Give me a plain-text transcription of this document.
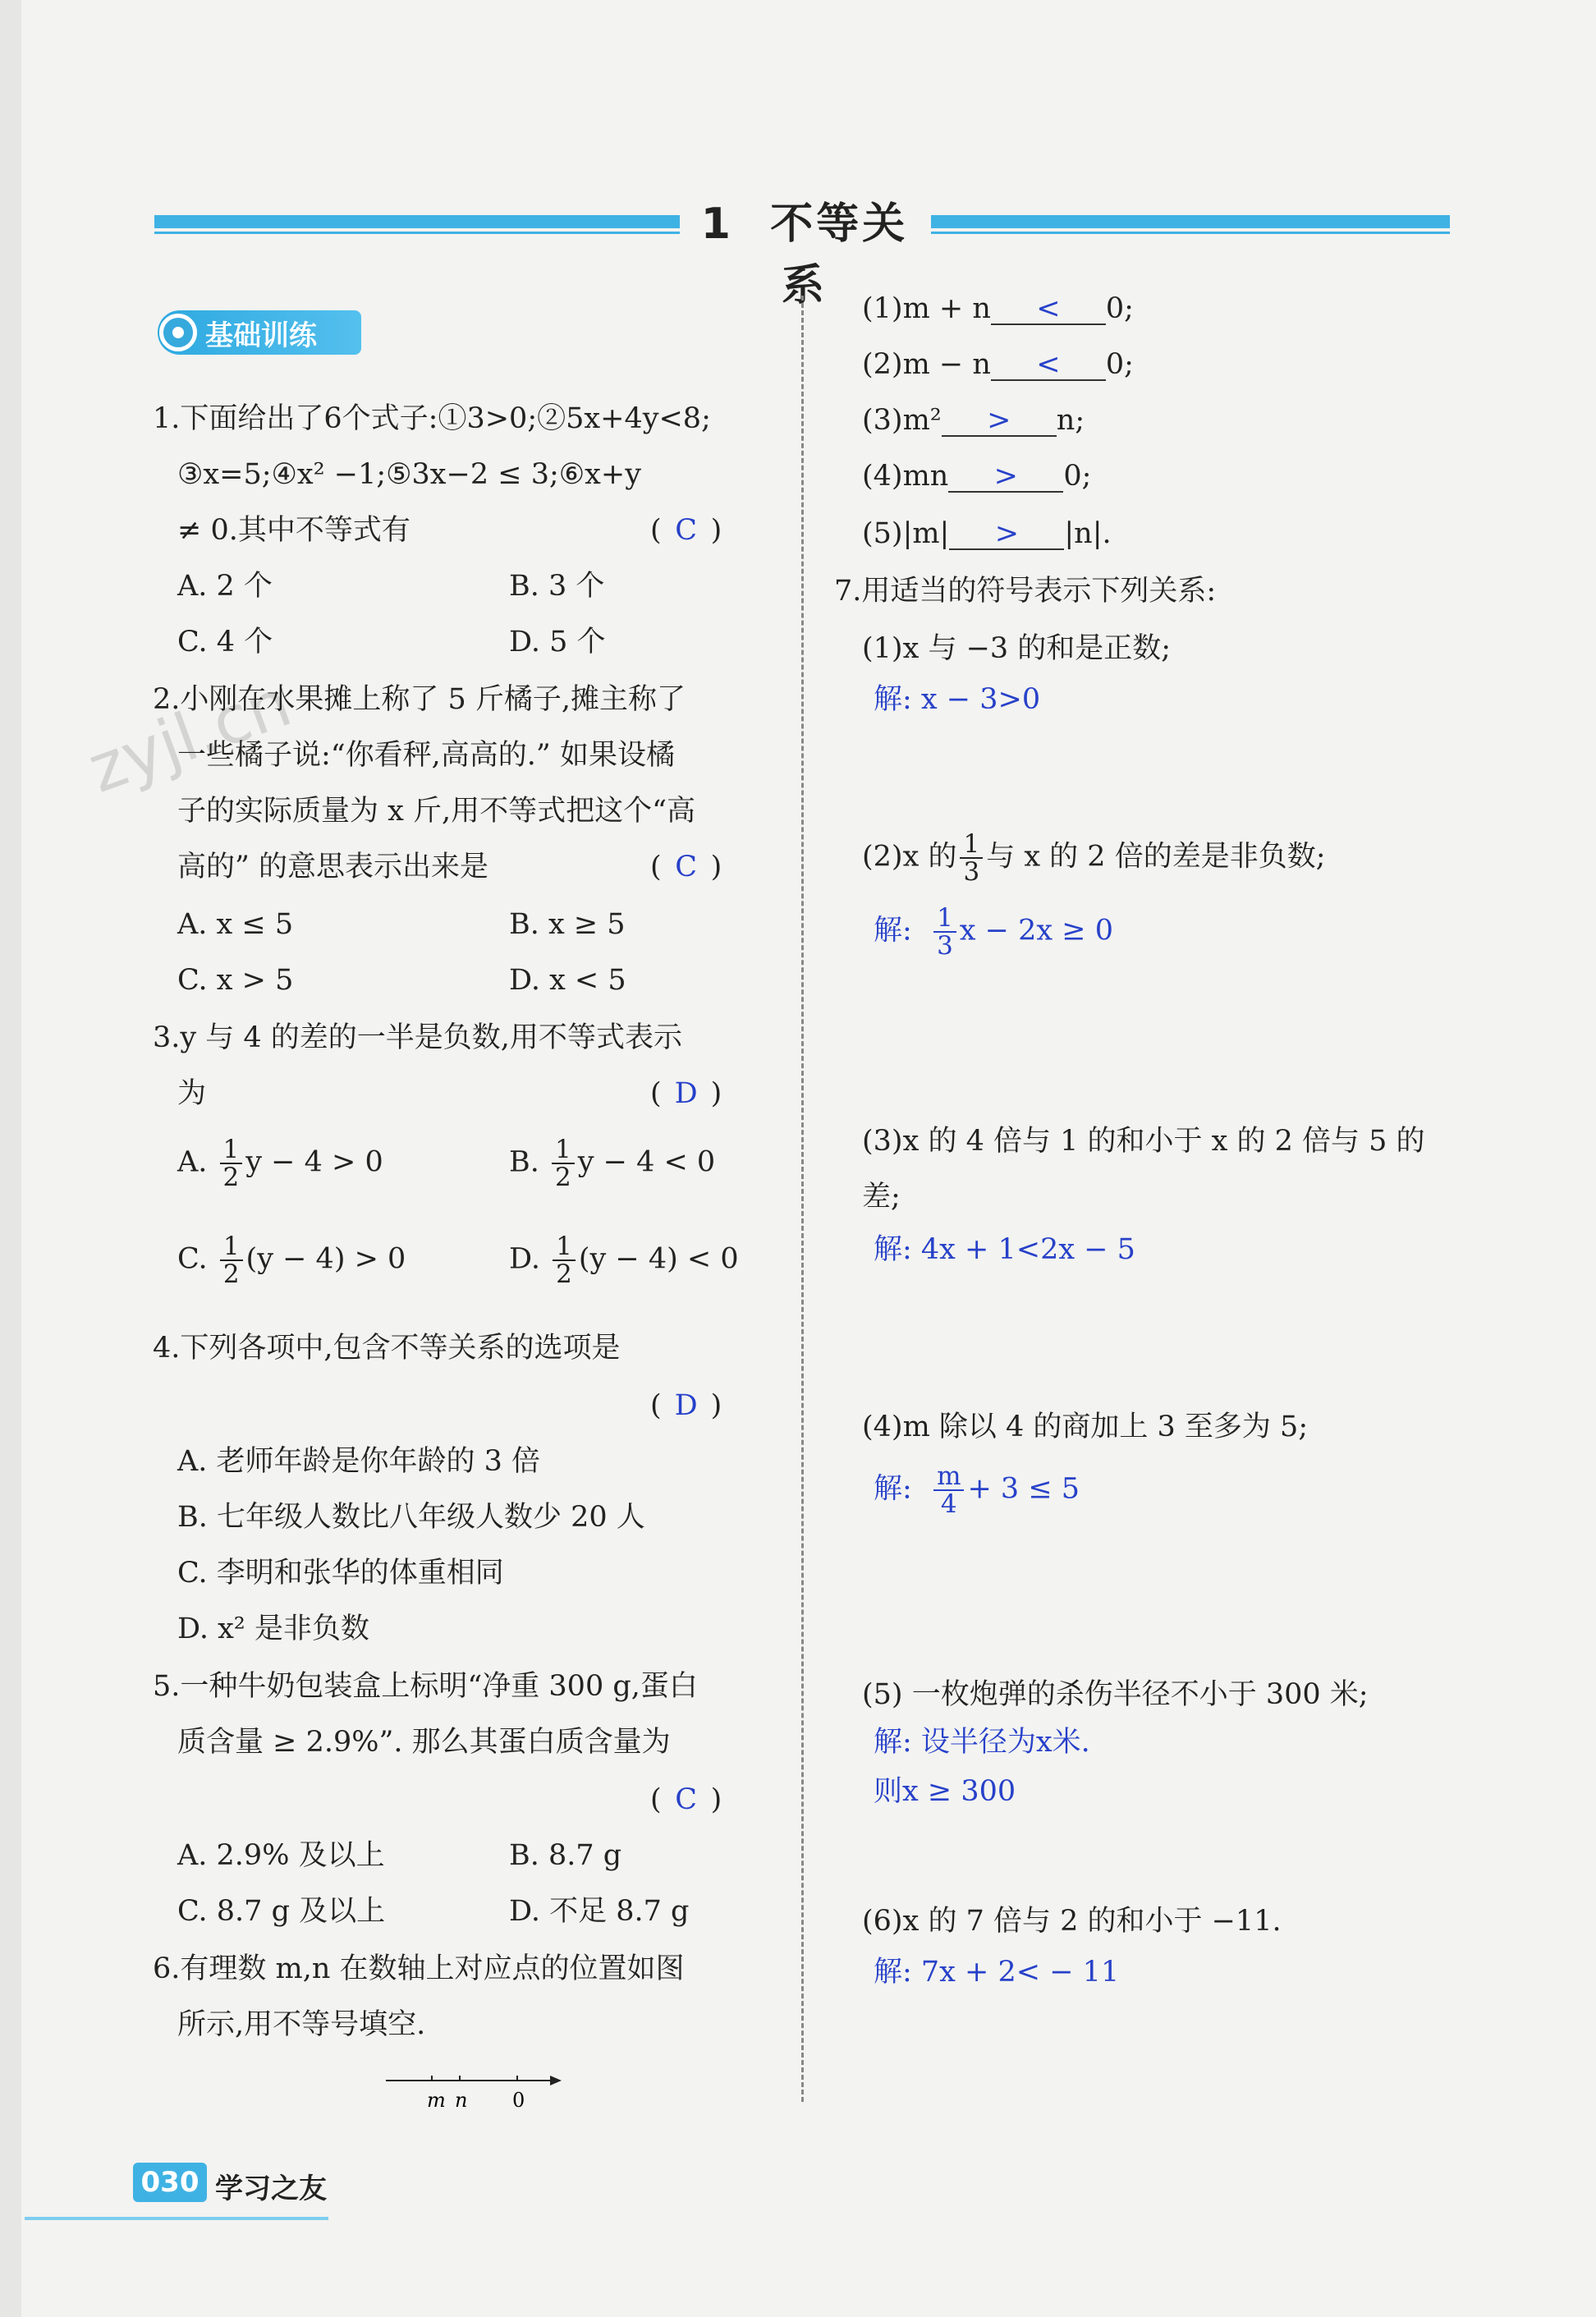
1 不等关系
基础训练
zyjl.cn
1.下面给出了6个式子:①3>0;②5x+4y<8;
③x=5;④x² −1;⑤3x−2 ≤ 3;⑥x+y
≠ 0.其中不等式有	( C )
A. 2 个	B. 3 个
C. 4 个	D. 5 个
2.小刚在水果摊上称了 5 斤橘子,摊主称了
一些橘子说:“你看秤,高高的.” 如果设橘
子的实际质量为 x 斤,用不等式把这个“高
高的” 的意思表示出来是	( C )
A. x ≤ 5	B. x ≥ 5
C. x > 5	D. x < 5
3.y 与 4 的差的一半是负数,用不等式表示
为	( D )
A. $\frac{1}{2}$ y − 4 > 0	B. $\frac{1}{2}$ y − 4 < 0
C. $\frac{1}{2} (y - 4) > 0$	D. $\frac{1}{2} (y - 4) < 0$
4.下列各项中,包含不等关系的选项是
( D )
A. 老师年龄是你年龄的 3 倍
B. 七年级人数比八年级人数少 20 人
C. 李明和张华的体重相同
D. x² 是非负数
5.一种牛奶包装盒上标明“净重 300 g,蛋白
质含量 ≥ 2.9%”. 那么其蛋白质含量为
( C )
A. 2.9% 及以上	B. 8.7 g
C. 8.7 g 及以上	D. 不足 8.7 g
6.有理数 m,n 在数轴上对应点的位置如图
所示,用不等号填空.
m n 0
(1)m + n < 0;
(2)m − n < 0;
(3)m² > n;
(4)mn > 0;
(5)|m| > |n|.
7.用适当的符号表示下列关系:
(1)x 与 −3 的和是正数;
解: x − 3>0
(2)x 的 $\frac{1}{3}$ 与 x 的 2 倍的差是非负数;
解: $\frac{1}{3}$ x − 2x ≥ 0
(3)x 的 4 倍与 1 的和小于 x 的 2 倍与 5 的
差;
解: 4x + 1<2x − 5
(4)m 除以 4 的商加上 3 至多为 5;
解: $\frac{m}{4} + 3 \le 5$
(5) 一枚炮弹的杀伤半径不小于 300 米;
解: 设半径为x米.
则x ≥ 300
(6)x 的 7 倍与 2 的和小于 −11.
解: 7x + 2< − 11
030 学习之友
